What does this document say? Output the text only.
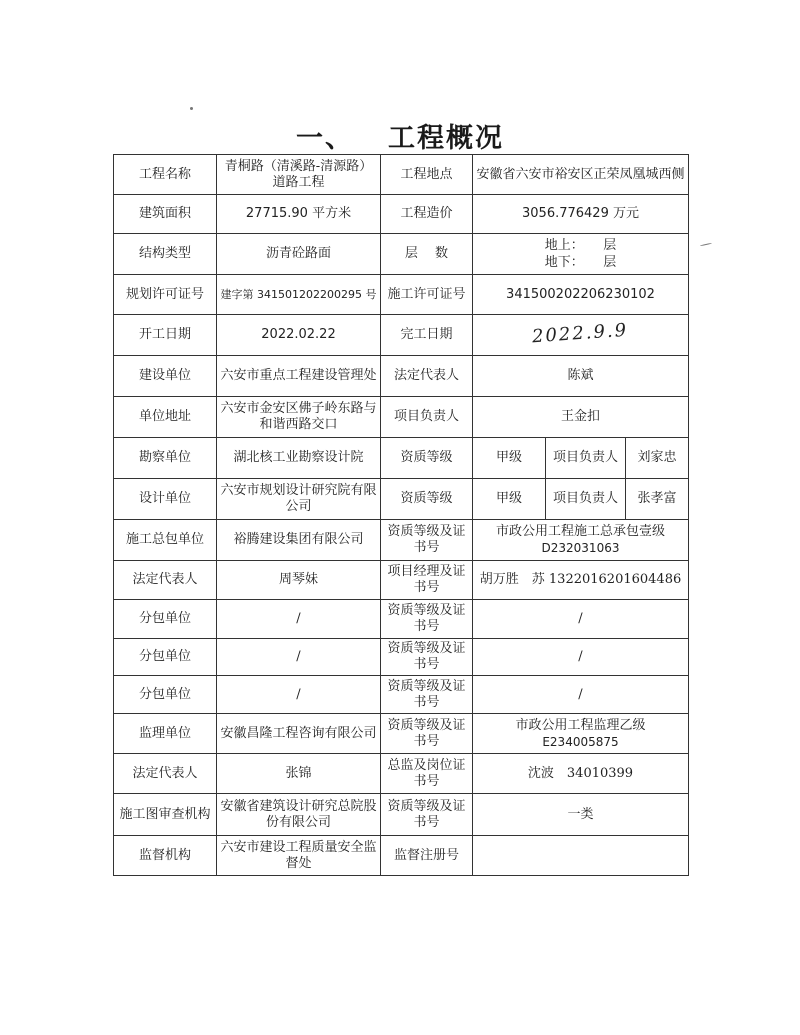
一、 工程概况
工程名称	青桐路（清溪路-清源路）道路工程	工程地点	安徽省六安市裕安区正荣凤凰城西侧		
建筑面积	27715.90 平方米	工程造价	3056.776429 万元		
结构类型	沥青砼路面	层　 数	地上：　　层
地下：　　层		

规划许可证号	建字第 341501202200295 号	施工许可证号	341500202206230102		
开工日期	2022.02.22	完工日期	2022.9.9		
建设单位	六安市重点工程建设管理处	法定代表人	陈斌		
单位地址	六安市金安区佛子岭东路与和谐西路交口	项目负责人	王金扣		
勘察单位	湖北核工业勘察设计院	资质等级	甲级	项目负责人	刘家忠
设计单位	六安市规划设计研究院有限公司	资质等级	甲级	项目负责人	张孝富
施工总包单位	裕腾建设集团有限公司	资质等级及证书号	市政公用工程施工总承包壹级
D232031063		

法定代表人	周琴妹	项目经理及证书号	胡万胜　苏 1322016201604486		
分包单位	/	资质等级及证书号	/		
分包单位	/	资质等级及证书号	/		
分包单位	/	资质等级及证书号	/		
监理单位	安徽昌隆工程咨询有限公司	资质等级及证书号	市政公用工程监理乙级
E234005875		

法定代表人	张锦	总监及岗位证书号	沈波　34010399		
施工图审查机构	安徽省建筑设计研究总院股份有限公司	资质等级及证书号	一类		
监督机构	六安市建设工程质量安全监督处	监督注册号			
